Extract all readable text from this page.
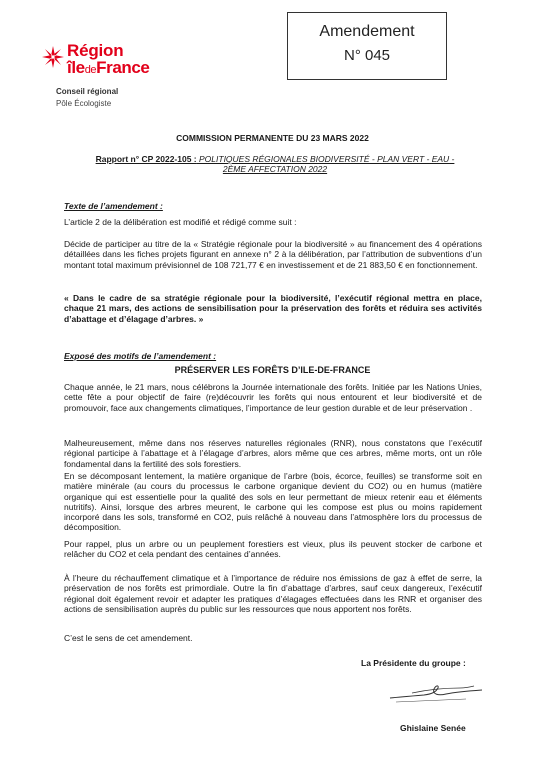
Région
îledeFrance
Conseil régional
Pôle Écologiste
Amendement
N° 045
COMMISSION PERMANENTE DU 23 MARS 2022
Rapport n° CP 2022-105 : POLITIQUES RÉGIONALES BIODIVERSITÉ - PLAN VERT - EAU - 2ÈME AFFECTATION 2022
Texte de l’amendement :
L’article 2 de la délibération est modifié et rédigé comme suit :
Décide de participer au titre de la « Stratégie régionale pour la biodiversité » au financement des 4 opérations détaillées dans les fiches projets figurant en annexe n° 2 à la délibération, par l’attribution de subventions d’un montant total maximum prévisionnel de 108 721,77 € en investissement et de 21 883,50 € en fonctionnement.
« Dans le cadre de sa stratégie régionale pour la biodiversité, l’exécutif régional mettra en place, chaque 21 mars, des actions de sensibilisation pour la préservation des forêts et réduira ses activités d’abattage et d’élagage d’arbres. »
Exposé des motifs de l’amendement :
PRÉSERVER LES FORÊTS D’ILE-DE-FRANCE
Chaque année, le 21 mars, nous célébrons la Journée internationale des forêts. Initiée par les Nations Unies, cette fête a pour objectif de faire (re)découvrir les forêts qui nous entourent et leur biodiversité et de promouvoir, face aux changements climatiques, l’importance de leur gestion durable et de leur préservation .
Malheureusement, même dans nos réserves naturelles régionales (RNR), nous constatons que l’exécutif régional participe à l’abattage et à l’élagage d’arbres, alors même que ces arbres, même morts, ont un rôle fondamental dans la fertilité des sols forestiers.
En se décomposant lentement, la matière organique de l’arbre (bois, écorce, feuilles) se transforme soit en matière minérale (au cours du processus le carbone organique devient du CO2) ou en humus (matière organique qui est essentielle pour la qualité des sols en leur permettant de mieux retenir eau et éléments nutritifs). Ainsi, lorsque des arbres meurent, le carbone qui les compose est plus ou moins rapidement incorporé dans les sols, transformé en CO2, puis relâché à nouveau dans l’atmosphère lors du processus de décomposition.
Pour rappel, plus un arbre ou un peuplement forestiers est vieux, plus ils peuvent stocker de carbone et relâcher du CO2 et cela pendant des centaines d’années.
À l’heure du réchauffement climatique et à l’importance de réduire nos émissions de gaz à effet de serre, la préservation de nos forêts est primordiale. Outre la fin d’abattage d’arbres, sauf ceux dangereux, l’exécutif régional doit également revoir et adapter les pratiques d’élagages effectuées dans les RNR et organiser des actions de sensibilisation auprès du public sur les ressources que nous apportent nos forêts.
C’est le sens de cet amendement.
La Présidente du groupe :
Ghislaine Senée
